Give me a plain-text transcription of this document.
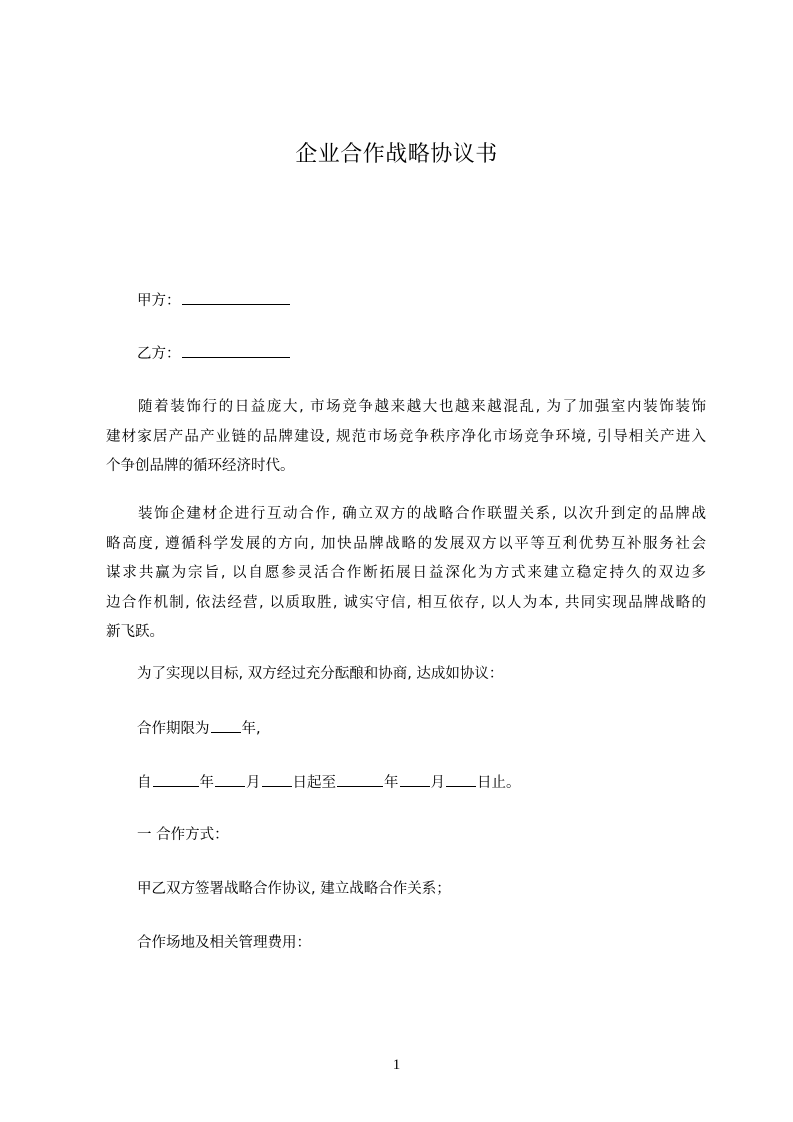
企业合作战略协议书
甲方：
乙方：
随着装饰行的日益庞大, 市场竞争越来越大也越来越混乱, 为了加强室内装饰装饰
建材家居产品产业链的品牌建设, 规范市场竞争秩序净化市场竞争环境, 引导相关产进入
个争创品牌的循环经济时代。
装饰企建材企进行互动合作, 确立双方的战略合作联盟关系, 以次升到定的品牌战
略高度, 遵循科学发展的方向, 加快品牌战略的发展双方以平等互利优势互补服务社会
谋求共赢为宗旨, 以自愿参灵活合作断拓展日益深化为方式来建立稳定持久的双边多
边合作机制, 依法经营, 以质取胜, 诚实守信, 相互依存, 以人为本, 共同实现品牌战略的
新飞跃。
为了实现以目标, 双方经过充分酝酿和协商, 达成如协议：
合作期限为 年,
自	年 月 日起至	年 月 日止。
一 合作方式：
甲乙双方签署战略合作协议, 建立战略合作关系；
合作场地及相关管理费用：
1
